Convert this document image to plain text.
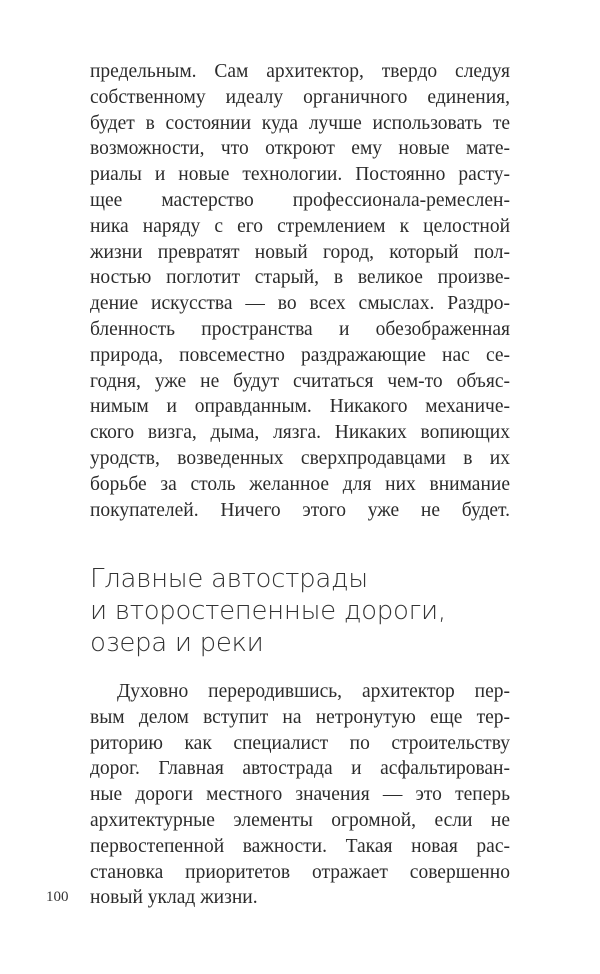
предельным. Сам архитектор, твердо следуя
собственному идеалу органичного единения,
будет в состоянии куда лучше использовать те
возможности, что откроют ему новые мате-
риалы и новые технологии. Постоянно расту-
щее мастерство профессионала-ремеслен-
ника наряду с его стремлением к целостной
жизни превратят новый город, который пол-
ностью поглотит старый, в великое произве-
дение искусства — во всех смыслах. Раздро-
бленность пространства и обезображенная
природа, повсеместно раздражающие нас се-
годня, уже не будут считаться чем-то объяс-
нимым и оправданным. Никакого механиче-
ского визга, дыма, лязга. Никаких вопиющих
уродств, возведенных сверхпродавцами в их
борьбе за столь желанное для них внимание
покупателей. Ничего этого уже не будет.
Главные автострады
и второстепенные дороги,
озера и реки
Духовно переродившись, архитектор пер-
вым делом вступит на нетронутую еще тер-
риторию как специалист по строительству
дорог. Главная автострада и асфальтирован-
ные дороги местного значения — это теперь
архитектурные элементы огромной, если не
первостепенной важности. Такая новая рас-
становка приоритетов отражает совершенно
новый уклад жизни.
100
